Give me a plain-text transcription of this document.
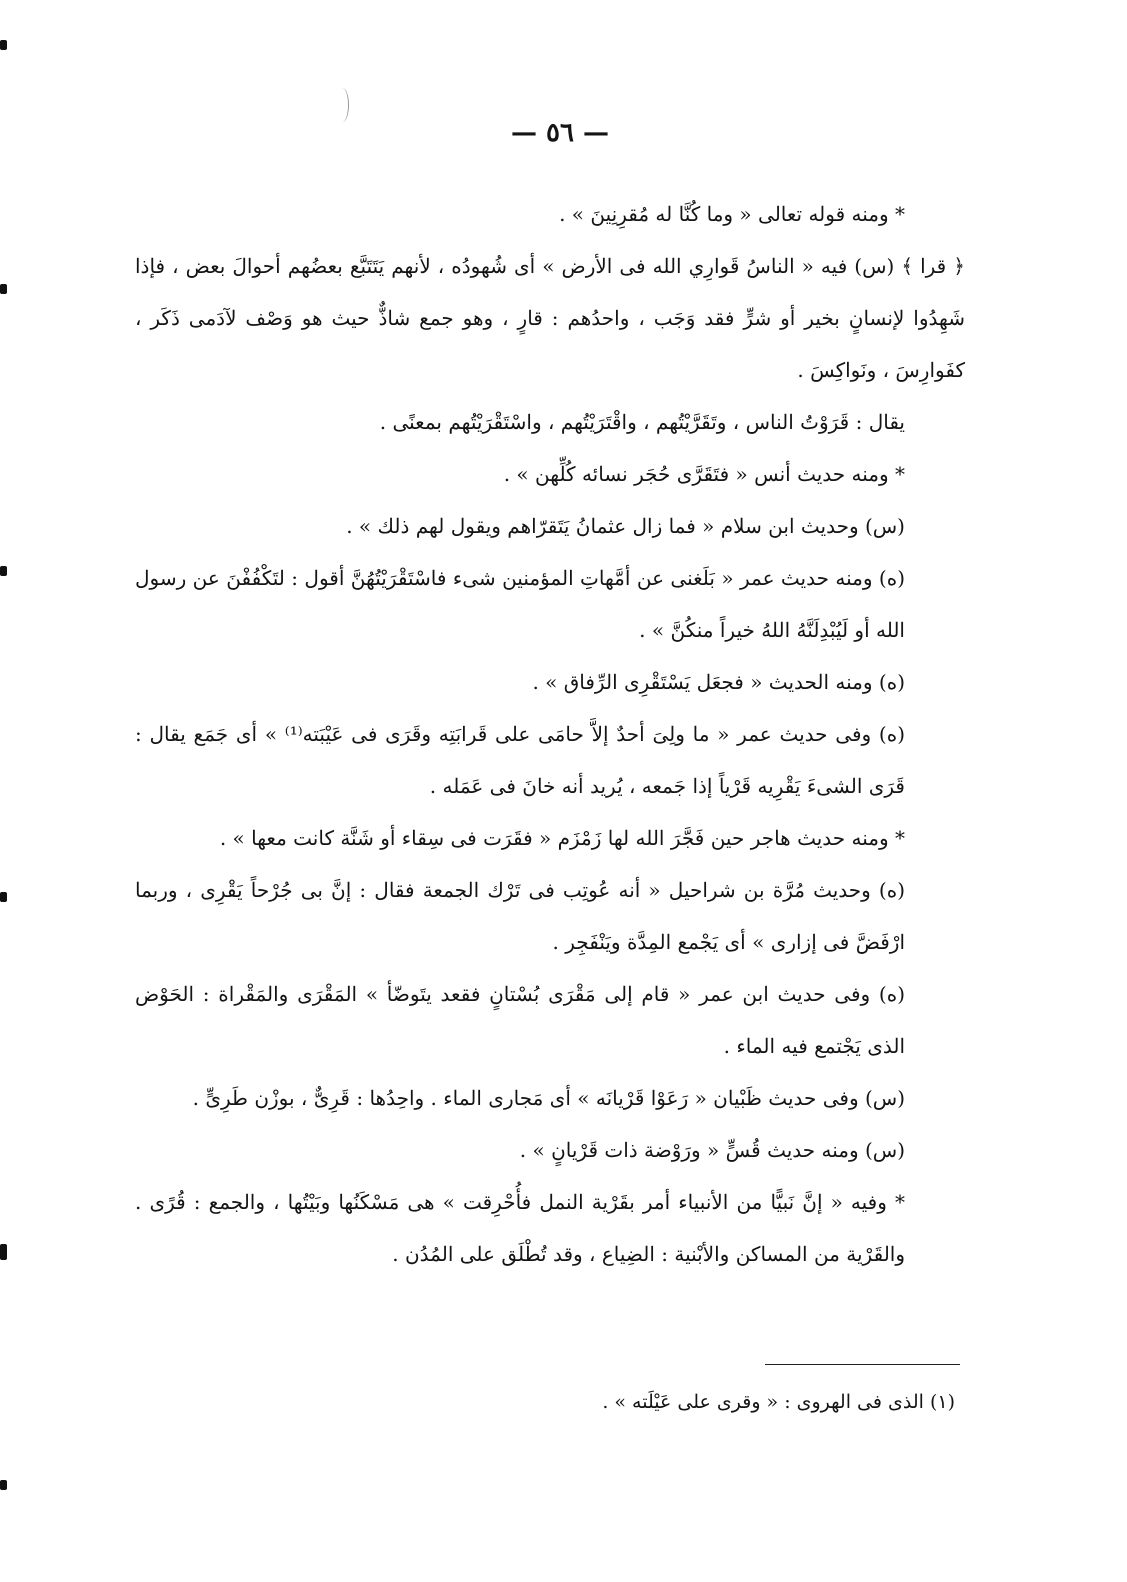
— ٥٦ —

* ومنه قوله تعالى « وما كُنَّا له مُقرِنِينَ » .

﴿ قرا ﴾ (س) فيه « الناسُ قَوارِي الله فى الأرض » أى شُهودُه ، لأنهم يَتَتَبَّع بعضُهم أحوالَ بعض ، فإذا شَهِدُوا لإنسانٍ بخير أو شرٍّ فقد وَجَب ، واحدُهم : قارٍ ، وهو جمع شاذٌّ حيث هو وَصْف لآدَمى ذَكَر ، كفَوارِسَ ، ونَواكِسَ .

يقال : قَرَوْتُ الناس ، وتَقَرَّيْتُهم ، واقْتَرَيْتُهم ، واسْتَقْرَيْتُهم بمعنًى .

* ومنه حديث أنس « فتَقَرَّى حُجَر نسائه كُلِّهن » .

(س) وحديث ابن سلام « فما زال عثمانُ يَتَقرّاهم ويقول لهم ذلك » .

(ه) ومنه حديث عمر « بَلَغنى عن أمَّهاتِ المؤمنين شىء فاسْتَقْرَيْتُهُنَّ أقول : لتَكْفُفْنَ عن رسول الله أو لَيُبْدِلَنَّهُ اللهُ خيراً منكُنَّ » .

(ه) ومنه الحديث « فجعَل يَسْتَقْرِى الرِّفاق » .

(ه) وفى حديث عمر « ما ولِىَ أحدٌ إلاَّ حامَى على قَرابَتِه وقَرَى فى عَيْبَته⁽¹⁾ » أى جَمَع يقال : قَرَى الشىءَ يَقْرِيه قَرْياً إذا جَمعه ، يُريد أنه خانَ فى عَمَله .

* ومنه حديث هاجر حين فَجَّرَ الله لها زَمْزَم « فقَرَت فى سِقاء أو شَنَّة كانت معها » .

(ه) وحديث مُرَّة بن شراحيل « أنه عُوتِب فى تَرْك الجمعة فقال : إنَّ بى جُرْحاً يَقْرِى ، وربما ارْفَضَّ فى إزارى » أى يَجْمع المِدَّة ويَنْفَجِر .

(ه) وفى حديث ابن عمر « قام إلى مَقْرَى بُسْتانٍ فقعد يتَوضّأ » المَقْرَى والمَقْراة : الحَوْض الذى يَجْتمع فيه الماء .

(س) وفى حديث ظَبْيان « رَعَوْا قَرْيانَه » أى مَجارى الماء . واحِدُها : قَرِىٌّ ، بوزْن طَرِىٍّ .

(س) ومنه حديث قُسٍّ « ورَوْضة ذات قَرْيانٍ » .

* وفيه « إنَّ نَبيًّا من الأنبياء أمر بقَرْية النمل فأُحْرِقت » هى مَسْكَنُها وبَيْتُها ، والجمع : قُرًى . والقَرْية من المساكن والأبْنية : الضِياع ، وقد تُطْلَق على المُدُن .

(١) الذى فى الهروى : « وقرى على عَيْلَته » .
